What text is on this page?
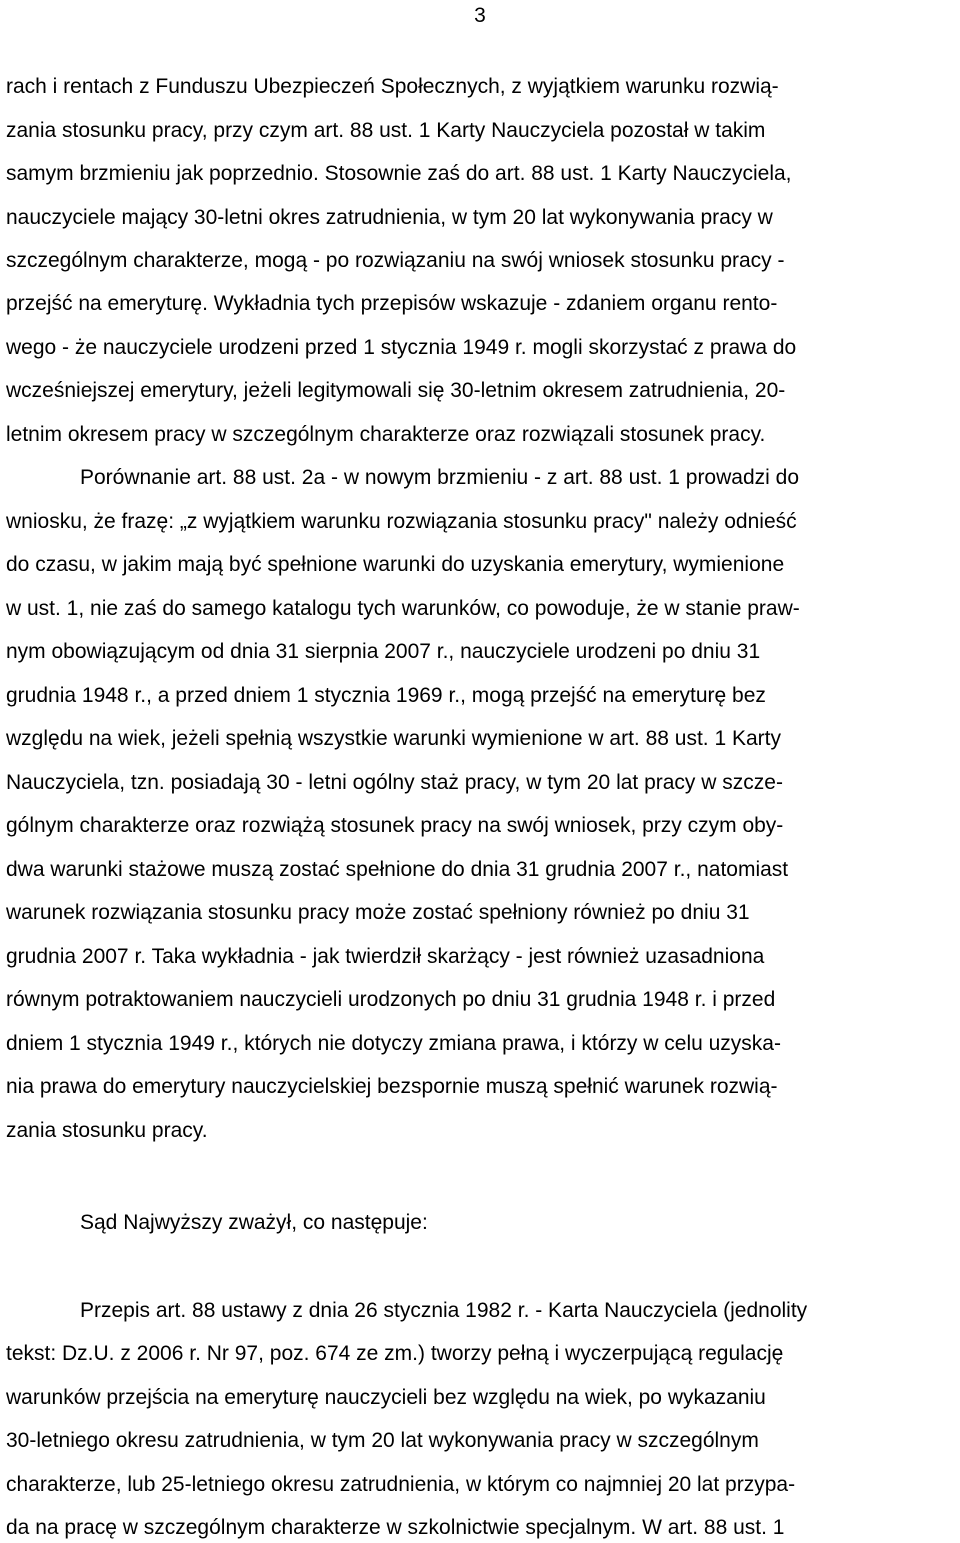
3
rach i rentach z Funduszu Ubezpieczeń Społecznych, z wyjątkiem warunku rozwią-
zania stosunku pracy, przy czym art. 88 ust. 1 Karty Nauczyciela pozostał w takim
samym brzmieniu jak poprzednio. Stosownie zaś do art. 88 ust. 1 Karty Nauczyciela,
nauczyciele mający 30-letni okres zatrudnienia, w tym 20 lat wykonywania pracy w
szczególnym charakterze, mogą - po rozwiązaniu na swój wniosek stosunku pracy -
przejść na emeryturę. Wykładnia tych przepisów wskazuje - zdaniem organu rento-
wego - że nauczyciele urodzeni przed 1 stycznia 1949 r. mogli skorzystać z prawa do
wcześniejszej emerytury, jeżeli legitymowali się 30-letnim okresem zatrudnienia, 20-
letnim okresem pracy w szczególnym charakterze oraz rozwiązali stosunek pracy.
Porównanie art. 88 ust. 2a - w nowym brzmieniu - z art. 88 ust. 1 prowadzi do
wniosku, że frazę: „z wyjątkiem warunku rozwiązania stosunku pracy" należy odnieść
do czasu, w jakim mają być spełnione warunki do uzyskania emerytury, wymienione
w ust. 1, nie zaś do samego katalogu tych warunków, co powoduje, że w stanie praw-
nym obowiązującym od dnia 31 sierpnia 2007 r., nauczyciele urodzeni po dniu 31
grudnia 1948 r., a przed dniem 1 stycznia 1969 r., mogą przejść na emeryturę bez
względu na wiek, jeżeli spełnią wszystkie warunki wymienione w art. 88 ust. 1 Karty
Nauczyciela, tzn. posiadają 30 - letni ogólny staż pracy, w tym 20 lat pracy w szcze-
gólnym charakterze oraz rozwiążą stosunek pracy na swój wniosek, przy czym oby-
dwa warunki stażowe muszą zostać spełnione do dnia 31 grudnia 2007 r., natomiast
warunek rozwiązania stosunku pracy może zostać spełniony również po dniu 31
grudnia 2007 r. Taka wykładnia - jak twierdził skarżący - jest również uzasadniona
równym potraktowaniem nauczycieli urodzonych po dniu 31 grudnia 1948 r. i przed
dniem 1 stycznia 1949 r., których nie dotyczy zmiana prawa, i którzy w celu uzyska-
nia prawa do emerytury nauczycielskiej bezspornie muszą spełnić warunek rozwią-
zania stosunku pracy.
Sąd Najwyższy zważył, co następuje:
Przepis art. 88 ustawy z dnia 26 stycznia 1982 r. - Karta Nauczyciela (jednolity
tekst: Dz.U. z 2006 r. Nr 97, poz. 674 ze zm.) tworzy pełną i wyczerpującą regulację
warunków przejścia na emeryturę nauczycieli bez względu na wiek, po wykazaniu
30-letniego okresu zatrudnienia, w tym 20 lat wykonywania pracy w szczególnym
charakterze, lub 25-letniego okresu zatrudnienia, w którym co najmniej 20 lat przypa-
da na pracę w szczególnym charakterze w szkolnictwie specjalnym. W art. 88 ust. 1
